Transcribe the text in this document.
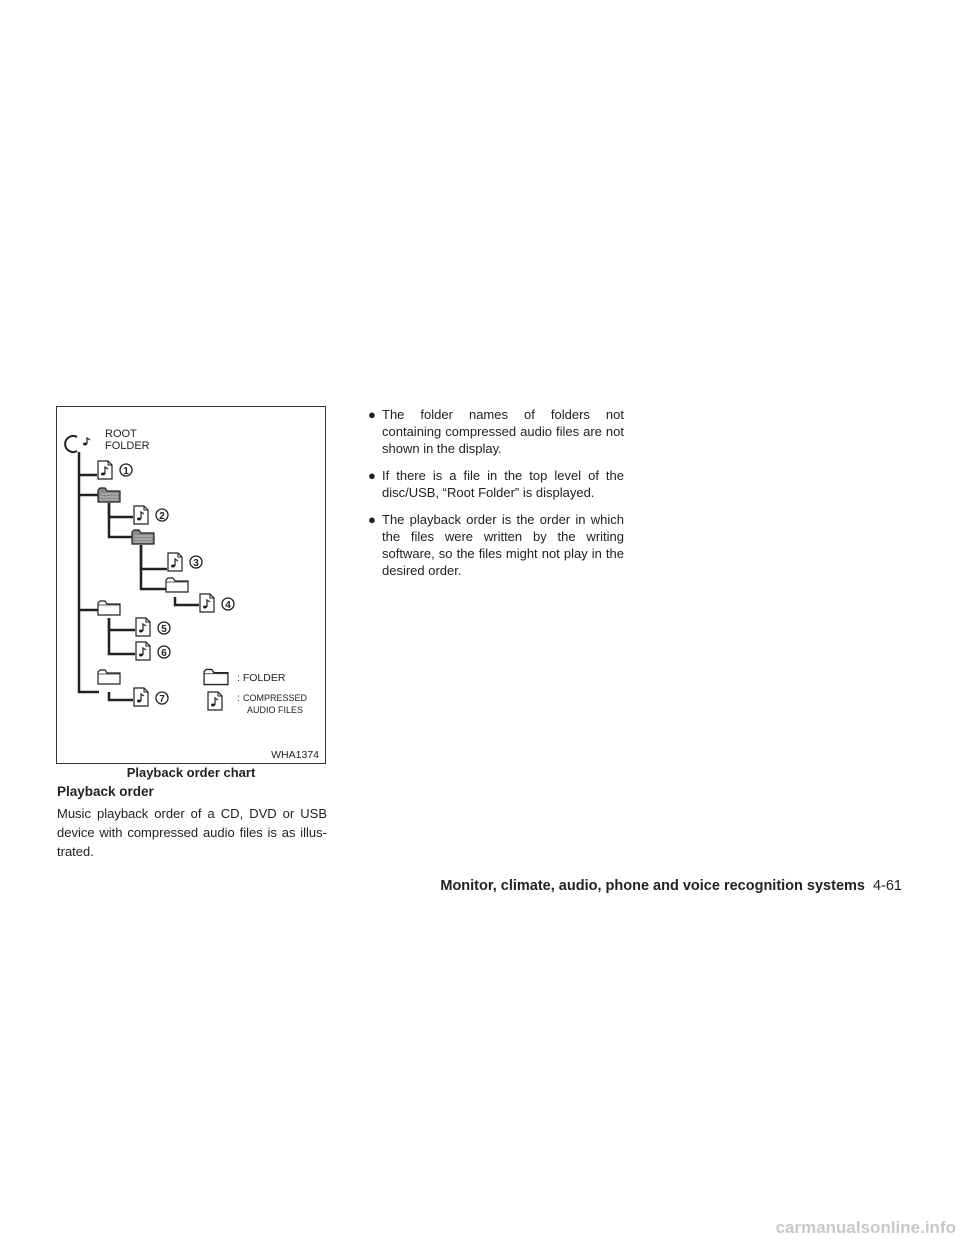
ROOT
FOLDER
1
2
3
4
5
6
7
: FOLDER
: COMPRESSED
AUDIO FILES
WHA1374
Playback order chart
Playback order

Music playback order of a CD, DVD or USB device with compressed audio files is as illus-trated.

● The folder names of folders not containing compressed audio files are not shown in the display.
● If there is a file in the top level of the disc/USB, “Root Folder” is displayed.
● The playback order is the order in which the files were written by the writing software, so the files might not play in the desired order.
Monitor, climate, audio, phone and voice recognition systems 4-61
carmanualsonline.info
